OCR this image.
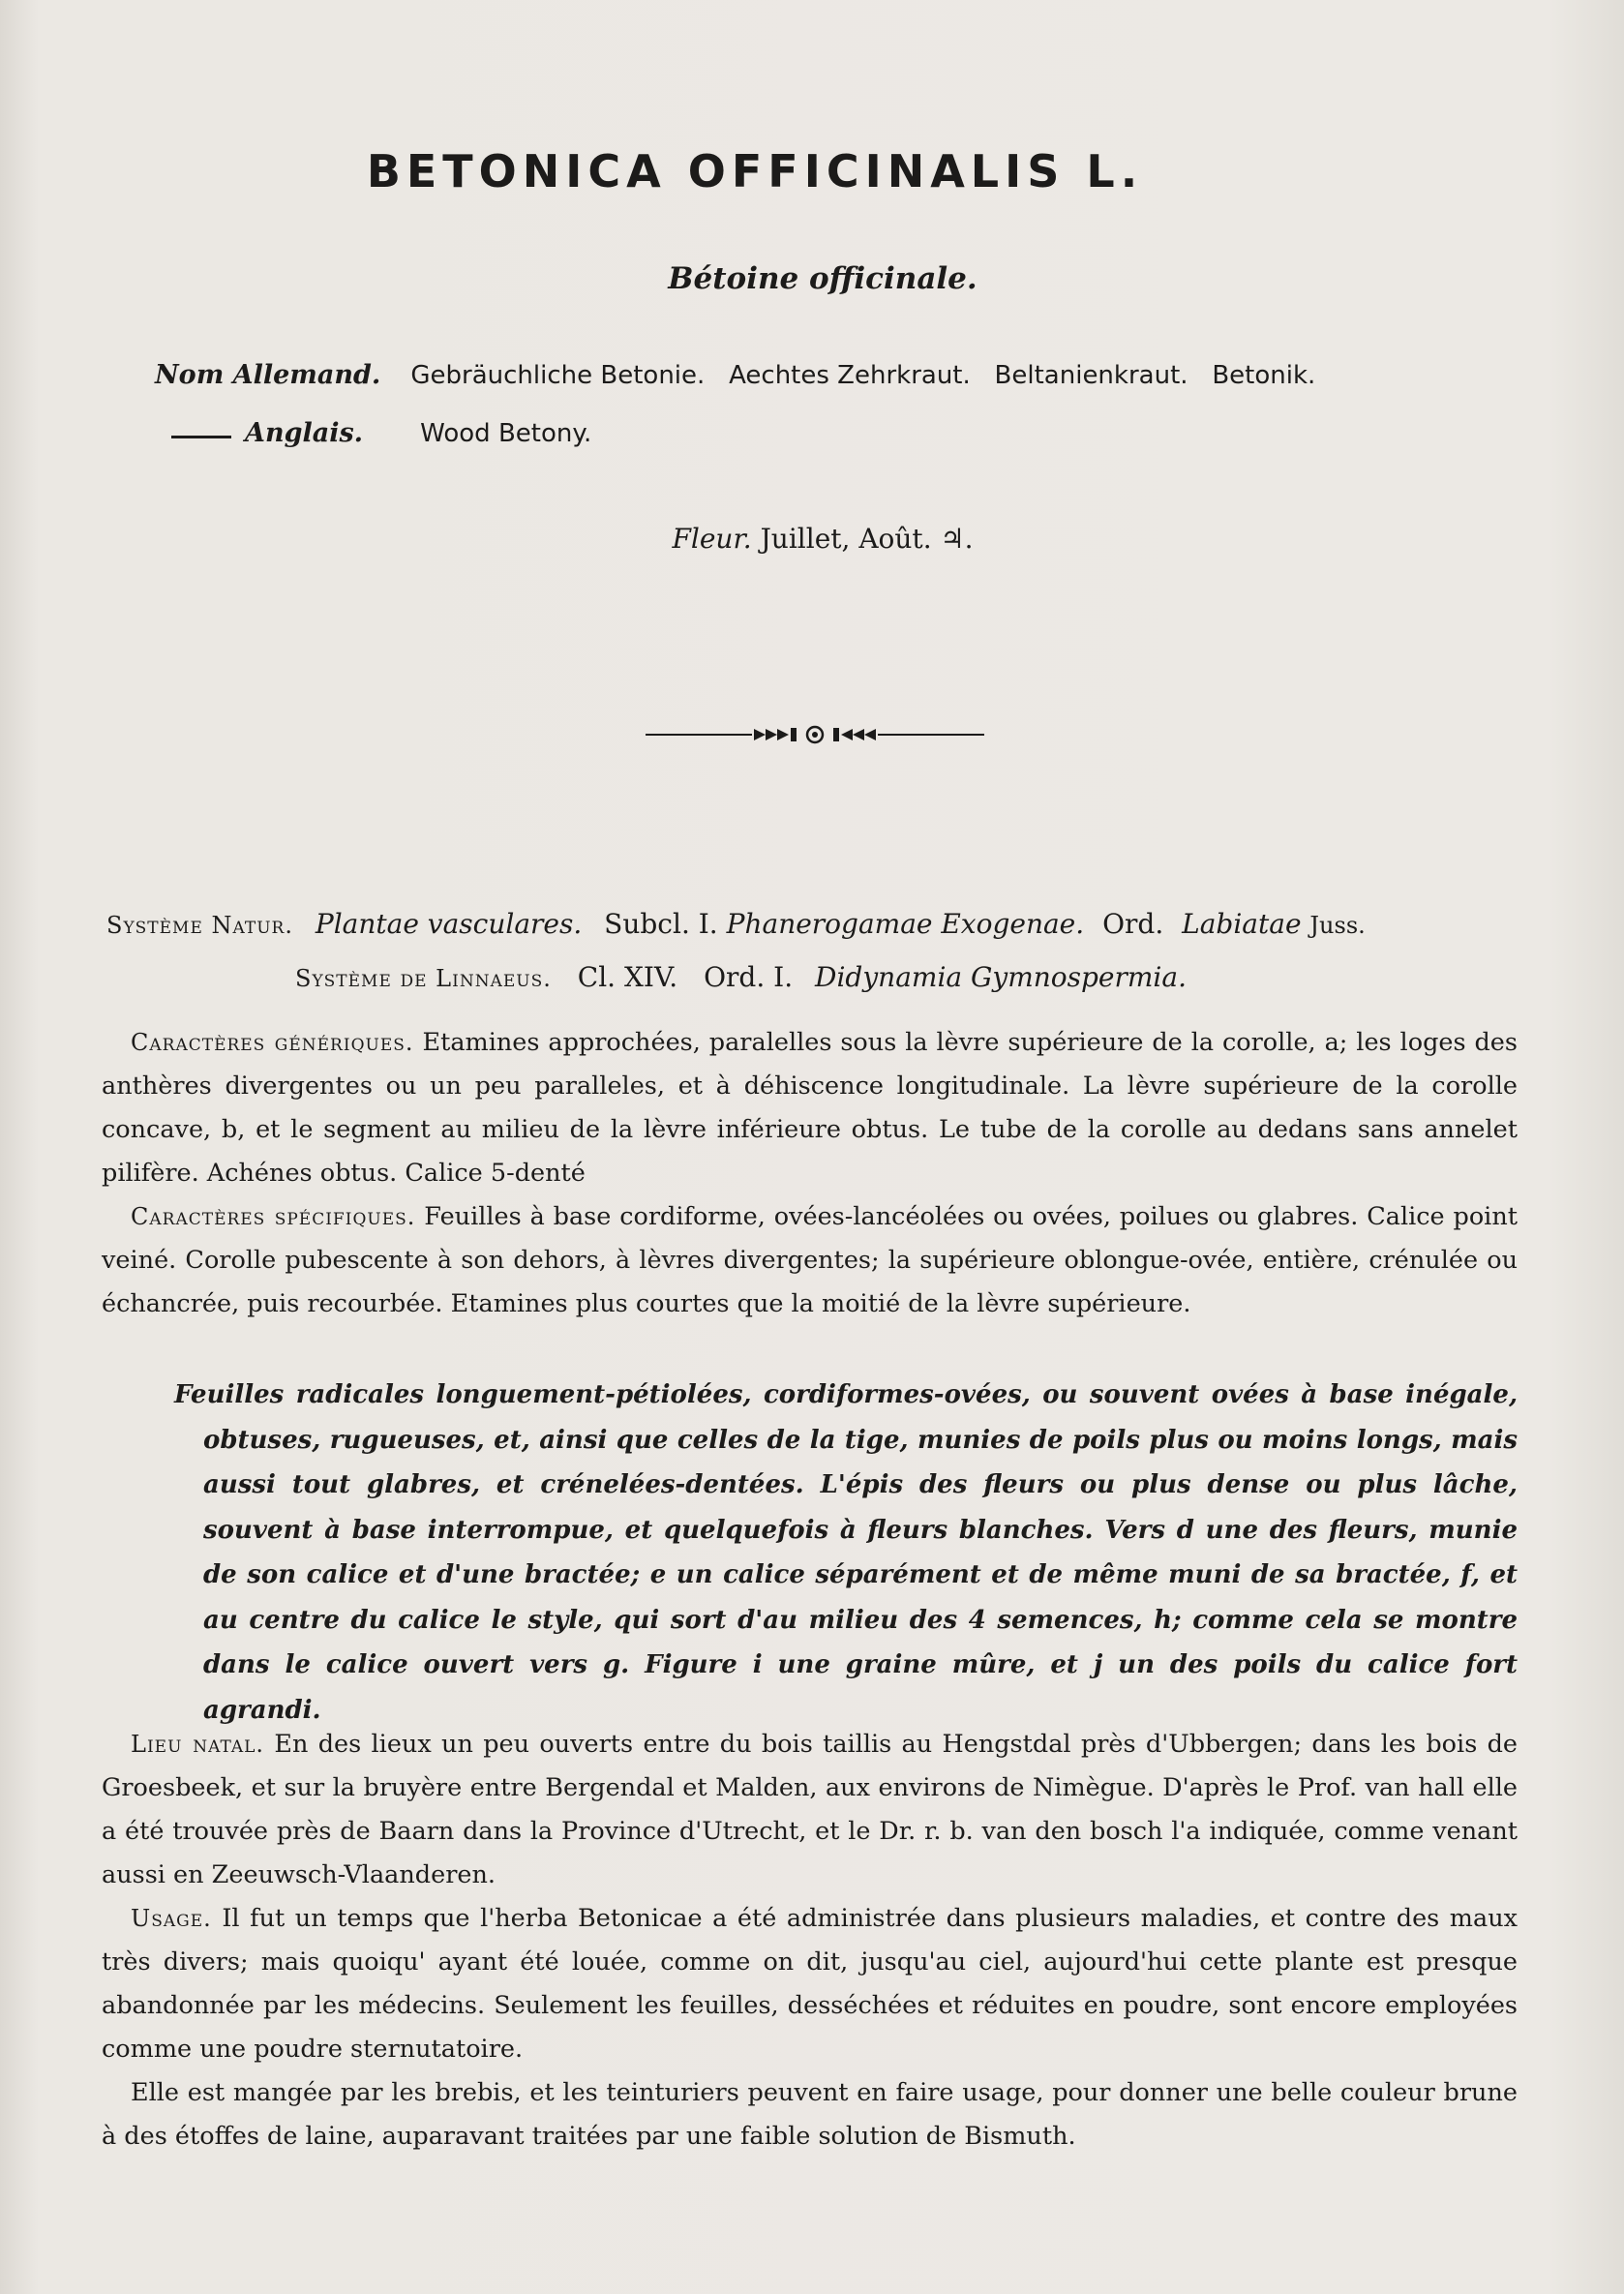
BETONICA OFFICINALIS L.
Bétoine officinale.
Nom Allemand. Gebräuchliche Betonie.   Aechtes Zehrkraut.   Beltanienkraut.   Betonik.
Anglais. Wood Betony.
Fleur. Juillet, Août. ♃.
Système Natur. Plantae vasculares. Subcl. I. Phanerogamae Exogenae. Ord. Labiatae Juss.
Système de Linnaeus. Cl. XIV. Ord. I. Didynamia Gymnospermia.

Caractères génériques. Etamines approchées, paralelles sous la lèvre supérieure de la corolle, a; les loges des anthères divergentes ou un peu paralleles, et à déhiscence longitudinale. La lèvre supérieure de la corolle concave, b, et le segment au milieu de la lèvre inférieure obtus. Le tube de la corolle au dedans sans annelet pilifère. Achénes obtus. Calice 5-denté

Caractères spécifiques. Feuilles à base cordiforme, ovées-lancéolées ou ovées, poilues ou glabres. Calice point veiné. Corolle pubescente à son dehors, à lèvres divergentes; la supérieure oblongue-ovée, entière, crénulée ou échancrée, puis recourbée. Etamines plus courtes que la moitié de la lèvre supérieure.

Feuilles radicales longuement-pétiolées, cordiformes-ovées, ou souvent ovées à base inégale, obtuses, rugueuses, et, ainsi que celles de la tige, munies de poils plus ou moins longs, mais aussi tout glabres, et crénelées-dentées. L'épis des fleurs ou plus dense ou plus lâche, souvent à base interrompue, et quelquefois à fleurs blanches. Vers d une des fleurs, munie de son calice et d'une bractée; e un calice séparément et de même muni de sa bractée, f, et au centre du calice le style, qui sort d'au milieu des 4 semences, h; comme cela se montre dans le calice ouvert vers g. Figure i une graine mûre, et j un des poils du calice fort agrandi.

Lieu natal. En des lieux un peu ouverts entre du bois taillis au Hengstdal près d'Ubbergen; dans les bois de Groesbeek, et sur la bruyère entre Bergendal et Malden, aux environs de Nimègue. D'après le Prof. van hall elle a été trouvée près de Baarn dans la Province d'Utrecht, et le Dr. r. b. van den bosch l'a indiquée, comme venant aussi en Zeeuwsch-Vlaanderen.

Usage. Il fut un temps que l'herba Betonicae a été administrée dans plusieurs maladies, et contre des maux très divers; mais quoiqu' ayant été louée, comme on dit, jusqu'au ciel, aujourd'hui cette plante est presque abandonnée par les médecins. Seulement les feuilles, desséchées et réduites en poudre, sont encore employées comme une poudre sternutatoire.

Elle est mangée par les brebis, et les teinturiers peuvent en faire usage, pour donner une belle couleur brune à des étoffes de laine, auparavant traitées par une faible solution de Bismuth.
